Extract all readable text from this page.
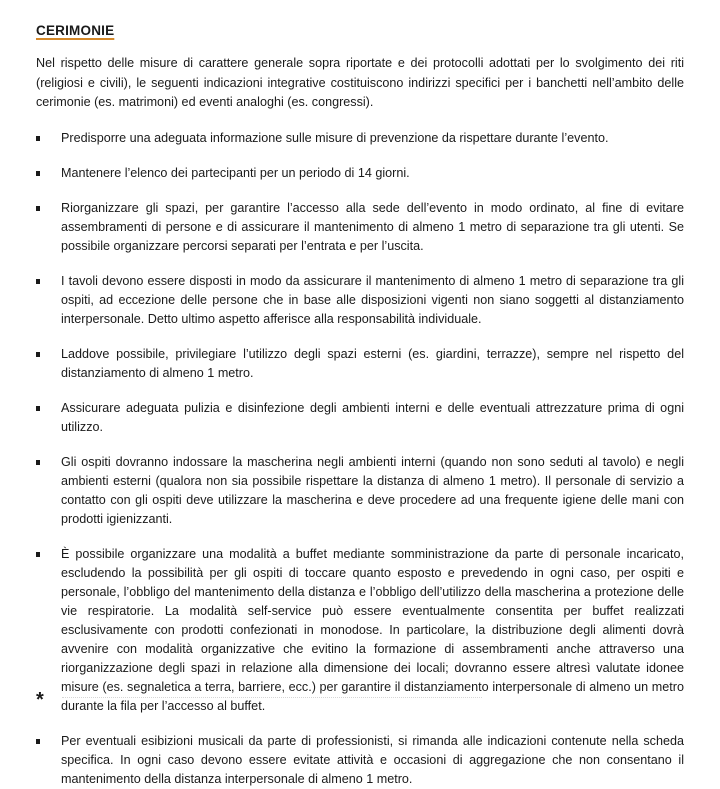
CERIMONIE

Nel rispetto delle misure di carattere generale sopra riportate e dei protocolli adottati per lo svolgimento dei riti (religiosi e civili), le seguenti indicazioni integrative costituiscono indirizzi specifici per i banchetti nell’ambito delle cerimonie (es. matrimoni) ed eventi analoghi (es. congressi).

Predisporre una adeguata informazione sulle misure di prevenzione da rispettare durante l’evento.
Mantenere l’elenco dei partecipanti per un periodo di 14 giorni.
Riorganizzare gli spazi, per garantire l’accesso alla sede dell’evento in modo ordinato, al fine di evitare assembramenti di persone e di assicurare il mantenimento di almeno 1 metro di separazione tra gli utenti. Se possibile organizzare percorsi separati per l’entrata e per l’uscita.
I tavoli devono essere disposti in modo da assicurare il mantenimento di almeno 1 metro di separazione tra gli ospiti, ad eccezione delle persone che in base alle disposizioni vigenti non siano soggetti al distanziamento interpersonale. Detto ultimo aspetto afferisce alla responsabilità individuale.
Laddove possibile, privilegiare l’utilizzo degli spazi esterni (es. giardini, terrazze), sempre nel rispetto del distanziamento di almeno 1 metro.
Assicurare adeguata pulizia e disinfezione degli ambienti interni e delle eventuali attrezzature prima di ogni utilizzo.
Gli ospiti dovranno indossare la mascherina negli ambienti interni (quando non sono seduti al tavolo) e negli ambienti esterni (qualora non sia possibile rispettare la distanza di almeno 1 metro). Il personale di servizio a contatto con gli ospiti deve utilizzare la mascherina e deve procedere ad una frequente igiene delle mani con prodotti igienizzanti.
È possibile organizzare una modalità a buffet mediante somministrazione da parte di personale incaricato, escludendo la possibilità per gli ospiti di toccare quanto esposto e prevedendo in ogni caso, per ospiti e personale, l’obbligo del mantenimento della distanza e l’obbligo dell’utilizzo della mascherina a protezione delle vie respiratorie. La modalità self-service può essere eventualmente consentita per buffet realizzati esclusivamente con prodotti confezionati in monodose. In particolare, la distribuzione degli alimenti dovrà avvenire con modalità organizzative che evitino la formazione di assembramenti anche attraverso una riorganizzazione degli spazi in relazione alla dimensione dei locali; dovranno essere altresì valutate idonee misure (es. segnaletica a terra, barriere, ecc.) per garantire il distanziamento interpersonale di almeno un metro durante la fila per l’accesso al buffet.
Per eventuali esibizioni musicali da parte di professionisti, si rimanda alle indicazioni contenute nella scheda specifica. In ogni caso devono essere evitate attività e occasioni di aggregazione che non consentano il mantenimento della distanza interpersonale di almeno 1 metro.
*
